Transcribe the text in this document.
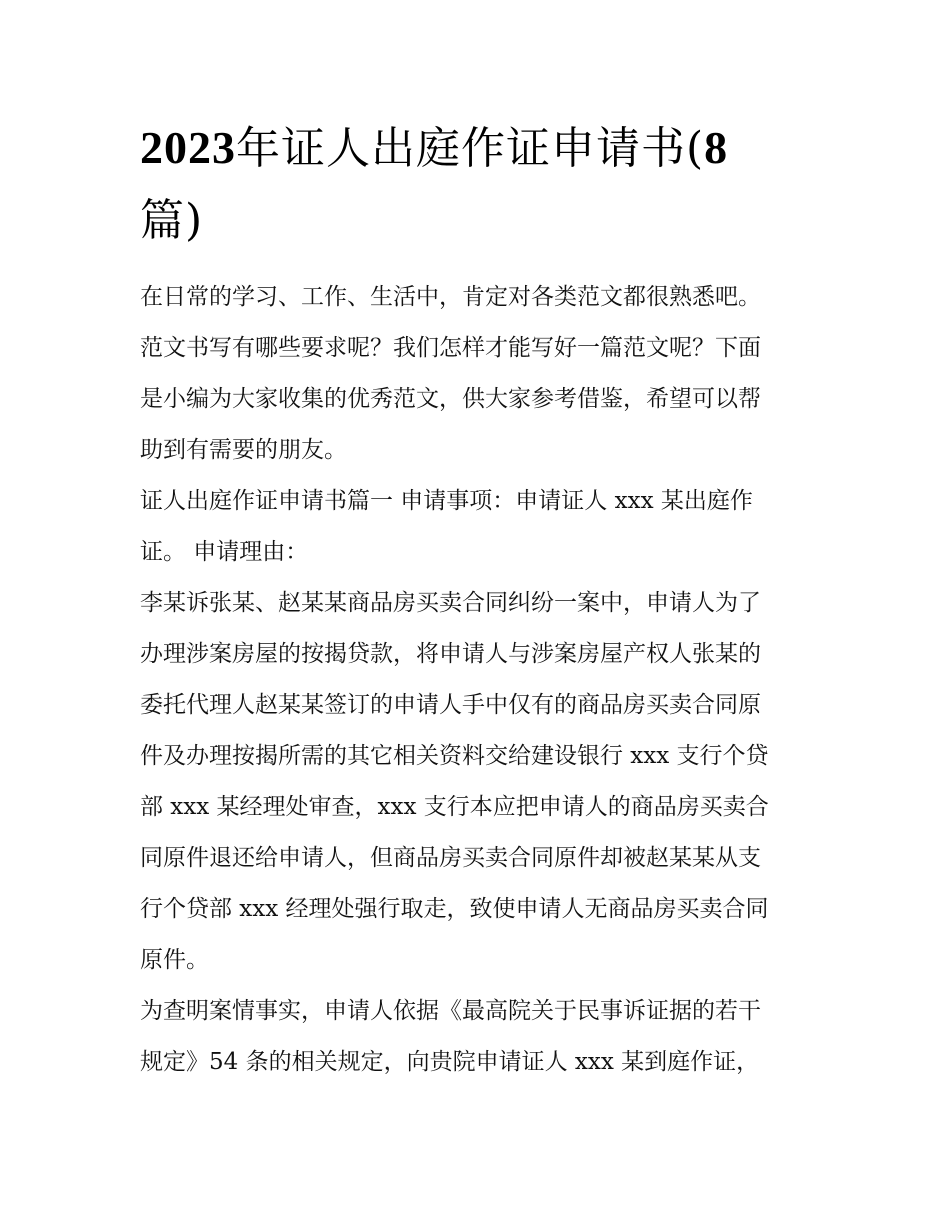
2023年证人出庭作证申请书(8
篇)

在日常的学习、工作、生活中，肯定对各类范文都很熟悉吧。
范文书写有哪些要求呢？我们怎样才能写好一篇范文呢？下面
是小编为大家收集的优秀范文，供大家参考借鉴，希望可以帮
助到有需要的朋友。

证人出庭作证申请书篇一 申请事项：申请证人 xxx 某出庭作
证。 申请理由：

李某诉张某、赵某某商品房买卖合同纠纷一案中，申请人为了
办理涉案房屋的按揭贷款，将申请人与涉案房屋产权人张某的
委托代理人赵某某签订的申请人手中仅有的商品房买卖合同原
件及办理按揭所需的其它相关资料交给建设银行 xxx 支行个贷
部 xxx 某经理处审查，xxx 支行本应把申请人的商品房买卖合
同原件退还给申请人，但商品房买卖合同原件却被赵某某从支
行个贷部 xxx 经理处强行取走，致使申请人无商品房买卖合同
原件。

为查明案情事实，申请人依据《最高院关于民事诉证据的若干
规定》54 条的相关规定，向贵院申请证人 xxx 某到庭作证，
